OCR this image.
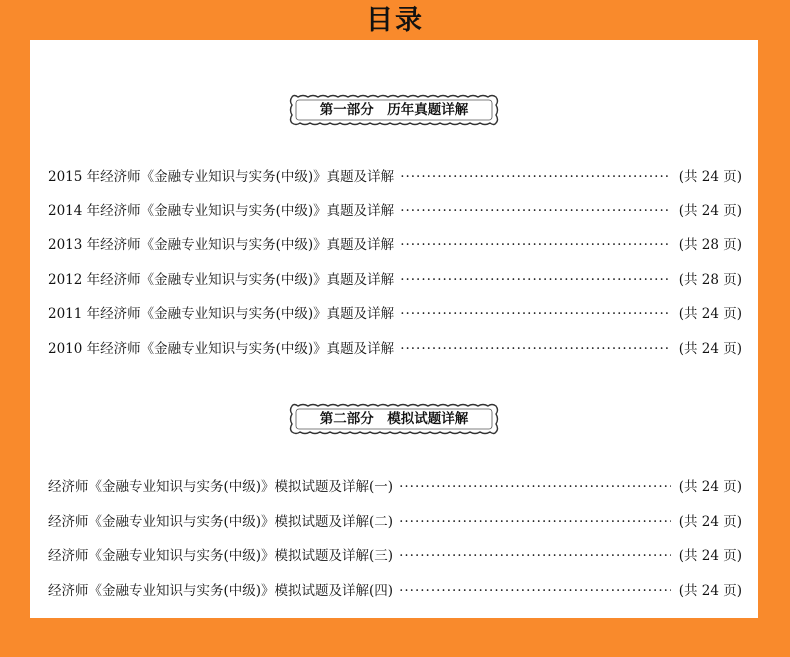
目录
第一部分　历年真题详解
2015 年经济师《金融专业知识与实务(中级)》真题及详解 ·····	(共 24 页)
2014 年经济师《金融专业知识与实务(中级)》真题及详解 ·····	(共 24 页)
2013 年经济师《金融专业知识与实务(中级)》真题及详解 ·····	(共 28 页)
2012 年经济师《金融专业知识与实务(中级)》真题及详解 ·····	(共 28 页)
2011 年经济师《金融专业知识与实务(中级)》真题及详解 ·····	(共 24 页)
2010 年经济师《金融专业知识与实务(中级)》真题及详解 ·····	(共 24 页)
第二部分　模拟试题详解
经济师《金融专业知识与实务(中级)》模拟试题及详解(一) ·····	(共 24 页)
经济师《金融专业知识与实务(中级)》模拟试题及详解(二) ·····	(共 24 页)
经济师《金融专业知识与实务(中级)》模拟试题及详解(三) ·····	(共 24 页)
经济师《金融专业知识与实务(中级)》模拟试题及详解(四) ·····	(共 24 页)
